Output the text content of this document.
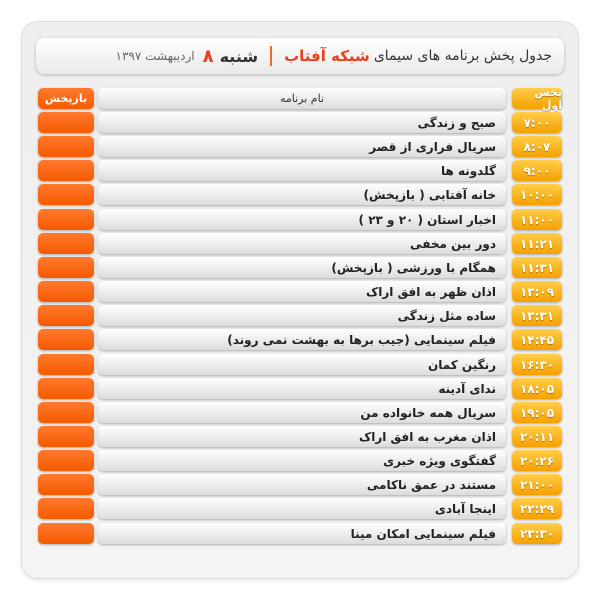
جدول پخش برنامه های سیمای
شبکه آفتاب
شنبه
۸
اردیبهشت ۱۳۹۷
پخش اول
نام برنامه
بازپخش
۷:۰۰
صبح و زندگی
۸:۰۷
سریال فراری از قصر
۹:۰۰
گلدونه ها
۱۰:۰۰
خانه آفتابی ( بازپخش)
۱۱:۰۰
اخبار استان ( ۲۰ و ۲۳ )
۱۱:۲۱
دور بین مخفی
۱۱:۳۱
همگام با ورزشی ( بازپخش)
۱۳:۰۹
اذان ظهر به افق اراک
۱۳:۳۱
ساده مثل زندگی
۱۴:۴۵
فیلم سینمایی (جیب برها به بهشت نمی روند)
۱۶:۳۰
رنگین کمان
۱۸:۰۵
ندای آدینه
۱۹:۰۵
سریال همه خانواده من
۲۰:۱۱
اذان مغرب به افق اراک
۲۰:۲۶
گفتگوی ویژه خبری
۲۱:۰۰
مستند در عمق ناکامی
۲۲:۲۹
اینجا آبادی
۲۳:۳۰
فیلم سینمایی امکان مینا
